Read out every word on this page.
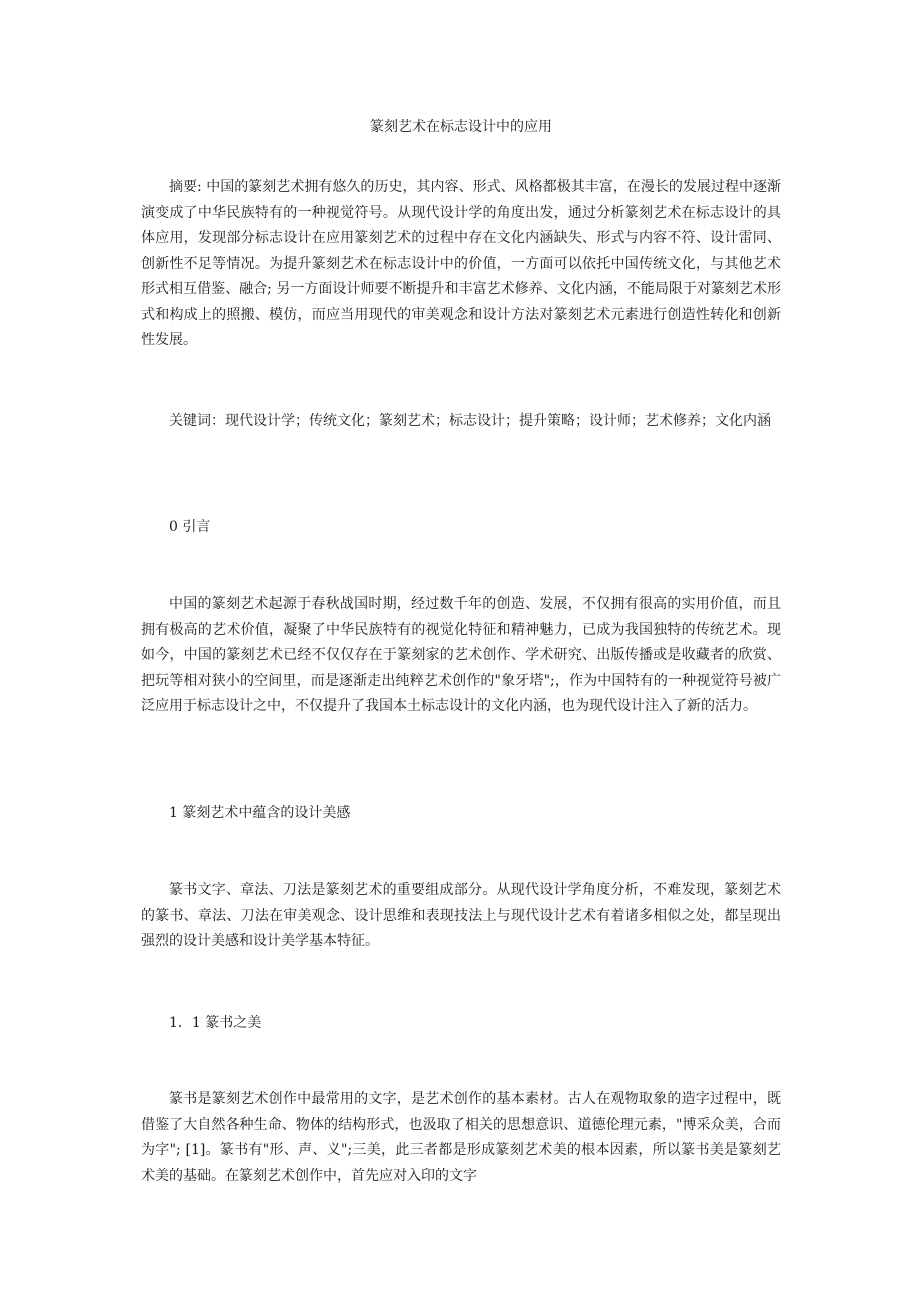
篆刻艺术在标志设计中的应用

摘要: 中国的篆刻艺术拥有悠久的历史，其内容、形式、风格都极其丰富，在漫长的发展过程中逐渐演变成了中华民族特有的一种视觉符号。从现代设计学的角度出发，通过分析篆刻艺术在标志设计的具体应用，发现部分标志设计在应用篆刻艺术的过程中存在文化内涵缺失、形式与内容不符、设计雷同、创新性不足等情况。为提升篆刻艺术在标志设计中的价值，一方面可以依托中国传统文化，与其他艺术形式相互借鉴、融合; 另一方面设计师要不断提升和丰富艺术修养、文化内涵，不能局限于对篆刻艺术形式和构成上的照搬、模仿，而应当用现代的审美观念和设计方法对篆刻艺术元素进行创造性转化和创新性发展。

关键词：现代设计学；传统文化；篆刻艺术；标志设计；提升策略；设计师；艺术修养；文化内涵

0 引言

中国的篆刻艺术起源于春秋战国时期，经过数千年的创造、发展，不仅拥有很高的实用价值，而且拥有极高的艺术价值，凝聚了中华民族特有的视觉化特征和精神魅力，已成为我国独特的传统艺术。现如今，中国的篆刻艺术已经不仅仅存在于篆刻家的艺术创作、学术研究、出版传播或是收藏者的欣赏、把玩等相对狭小的空间里，而是逐渐走出纯粹艺术创作的"象牙塔";，作为中国特有的一种视觉符号被广泛应用于标志设计之中，不仅提升了我国本土标志设计的文化内涵，也为现代设计注入了新的活力。

1 篆刻艺术中蕴含的设计美感

篆书文字、章法、刀法是篆刻艺术的重要组成部分。从现代设计学角度分析，不难发现，篆刻艺术的篆书、章法、刀法在审美观念、设计思维和表现技法上与现代设计艺术有着诸多相似之处，都呈现出强烈的设计美感和设计美学基本特征。

1．1 篆书之美

篆书是篆刻艺术创作中最常用的文字，是艺术创作的基本素材。古人在观物取象的造字过程中，既借鉴了大自然各种生命、物体的结构形式，也汲取了相关的思想意识、道德伦理元素，"博采众美，合而为字"; [1]。篆书有"形、声、义";三美，此三者都是形成篆刻艺术美的根本因素，所以篆书美是篆刻艺术美的基础。在篆刻艺术创作中，首先应对入印的文字
